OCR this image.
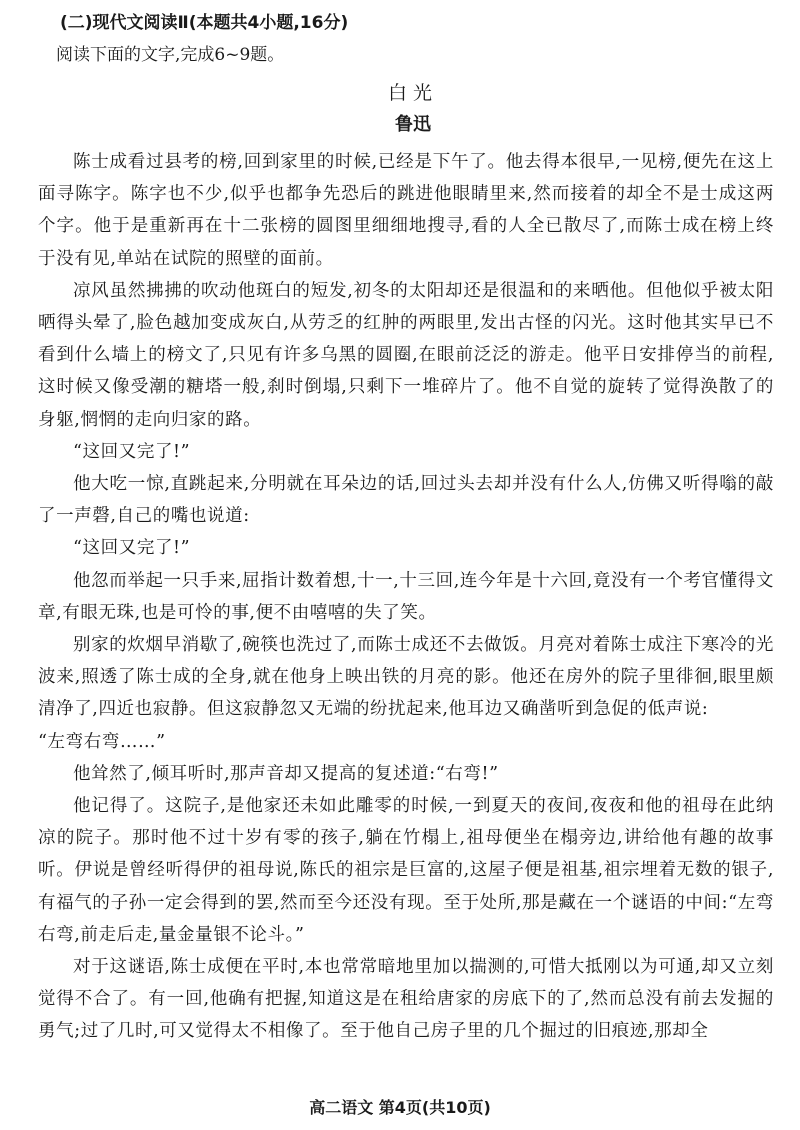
(二)现代文阅读Ⅱ(本题共4小题,16分)
阅读下面的文字,完成6~9题。
白光
鲁迅

陈士成看过县考的榜,回到家里的时候,已经是下午了。他去得本很早,一见榜,便先在这上面寻陈字。陈字也不少,似乎也都争先恐后的跳进他眼睛里来,然而接着的却全不是士成这两个字。他于是重新再在十二张榜的圆图里细细地搜寻,看的人全已散尽了,而陈士成在榜上终于没有见,单站在试院的照壁的面前。

凉风虽然拂拂的吹动他斑白的短发,初冬的太阳却还是很温和的来晒他。但他似乎被太阳晒得头晕了,脸色越加变成灰白,从劳乏的红肿的两眼里,发出古怪的闪光。这时他其实早已不看到什么墙上的榜文了,只见有许多乌黑的圆圈,在眼前泛泛的游走。他平日安排停当的前程,这时候又像受潮的糖塔一般,刹时倒塌,只剩下一堆碎片了。他不自觉的旋转了觉得涣散了的身躯,惘惘的走向归家的路。

“这回又完了!”

他大吃一惊,直跳起来,分明就在耳朵边的话,回过头去却并没有什么人,仿佛又听得嗡的敲了一声磬,自己的嘴也说道:

“这回又完了!”

他忽而举起一只手来,屈指计数着想,十一,十三回,连今年是十六回,竟没有一个考官懂得文章,有眼无珠,也是可怜的事,便不由嘻嘻的失了笑。

别家的炊烟早消歇了,碗筷也洗过了,而陈士成还不去做饭。月亮对着陈士成注下寒冷的光波来,照透了陈士成的全身,就在他身上映出铁的月亮的影。他还在房外的院子里徘徊,眼里颇清净了,四近也寂静。但这寂静忽又无端的纷扰起来,他耳边又确凿听到急促的低声说:

“左弯右弯……”

他耸然了,倾耳听时,那声音却又提高的复述道:“右弯!”

他记得了。这院子,是他家还未如此雕零的时候,一到夏天的夜间,夜夜和他的祖母在此纳凉的院子。那时他不过十岁有零的孩子,躺在竹榻上,祖母便坐在榻旁边,讲给他有趣的故事听。伊说是曾经听得伊的祖母说,陈氏的祖宗是巨富的,这屋子便是祖基,祖宗埋着无数的银子,有福气的子孙一定会得到的罢,然而至今还没有现。至于处所,那是藏在一个谜语的中间:“左弯右弯,前走后走,量金量银不论斗。”

对于这谜语,陈士成便在平时,本也常常暗地里加以揣测的,可惜大抵刚以为可通,却又立刻觉得不合了。有一回,他确有把握,知道这是在租给唐家的房底下的了,然而总没有前去发掘的勇气;过了几时,可又觉得太不相像了。至于他自己房子里的几个掘过的旧痕迹,那却全

高二语文 第4页(共10页)
